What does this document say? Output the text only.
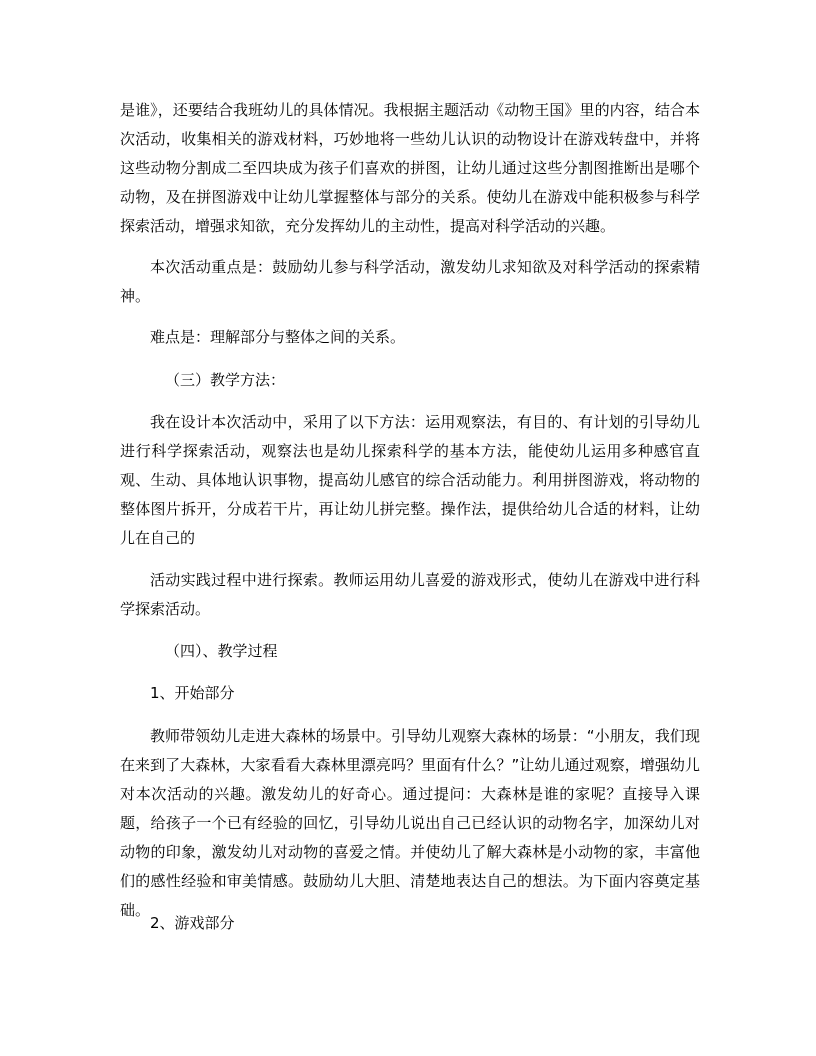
是谁》，还要结合我班幼儿的具体情况。我根据主题活动《动物王国》里的内容，结合本次活动，收集相关的游戏材料，巧妙地将一些幼儿认识的动物设计在游戏转盘中，并将这些动物分割成二至四块成为孩子们喜欢的拼图，让幼儿通过这些分割图推断出是哪个动物，及在拼图游戏中让幼儿掌握整体与部分的关系。使幼儿在游戏中能积极参与科学探索活动，增强求知欲，充分发挥幼儿的主动性，提高对科学活动的兴趣。

本次活动重点是：鼓励幼儿参与科学活动，激发幼儿求知欲及对科学活动的探索精神。

难点是：理解部分与整体之间的关系。

（三）教学方法：

我在设计本次活动中，采用了以下方法：运用观察法，有目的、有计划的引导幼儿进行科学探索活动，观察法也是幼儿探索科学的基本方法，能使幼儿运用多种感官直观、生动、具体地认识事物，提高幼儿感官的综合活动能力。利用拼图游戏，将动物的整体图片拆开，分成若干片，再让幼儿拼完整。操作法，提供给幼儿合适的材料，让幼儿在自己的

活动实践过程中进行探索。教师运用幼儿喜爱的游戏形式，使幼儿在游戏中进行科学探索活动。

（四）、教学过程

1、开始部分

教师带领幼儿走进大森林的场景中。引导幼儿观察大森林的场景：“小朋友，我们现在来到了大森林，大家看看大森林里漂亮吗？里面有什么？”让幼儿通过观察，增强幼儿对本次活动的兴趣。激发幼儿的好奇心。通过提问：大森林是谁的家呢？直接导入课题，给孩子一个已有经验的回忆，引导幼儿说出自己已经认识的动物名字，加深幼儿对动物的印象，激发幼儿对动物的喜爱之情。并使幼儿了解大森林是小动物的家，丰富他们的感性经验和审美情感。鼓励幼儿大胆、清楚地表达自己的想法。为下面内容奠定基础。

2、游戏部分
